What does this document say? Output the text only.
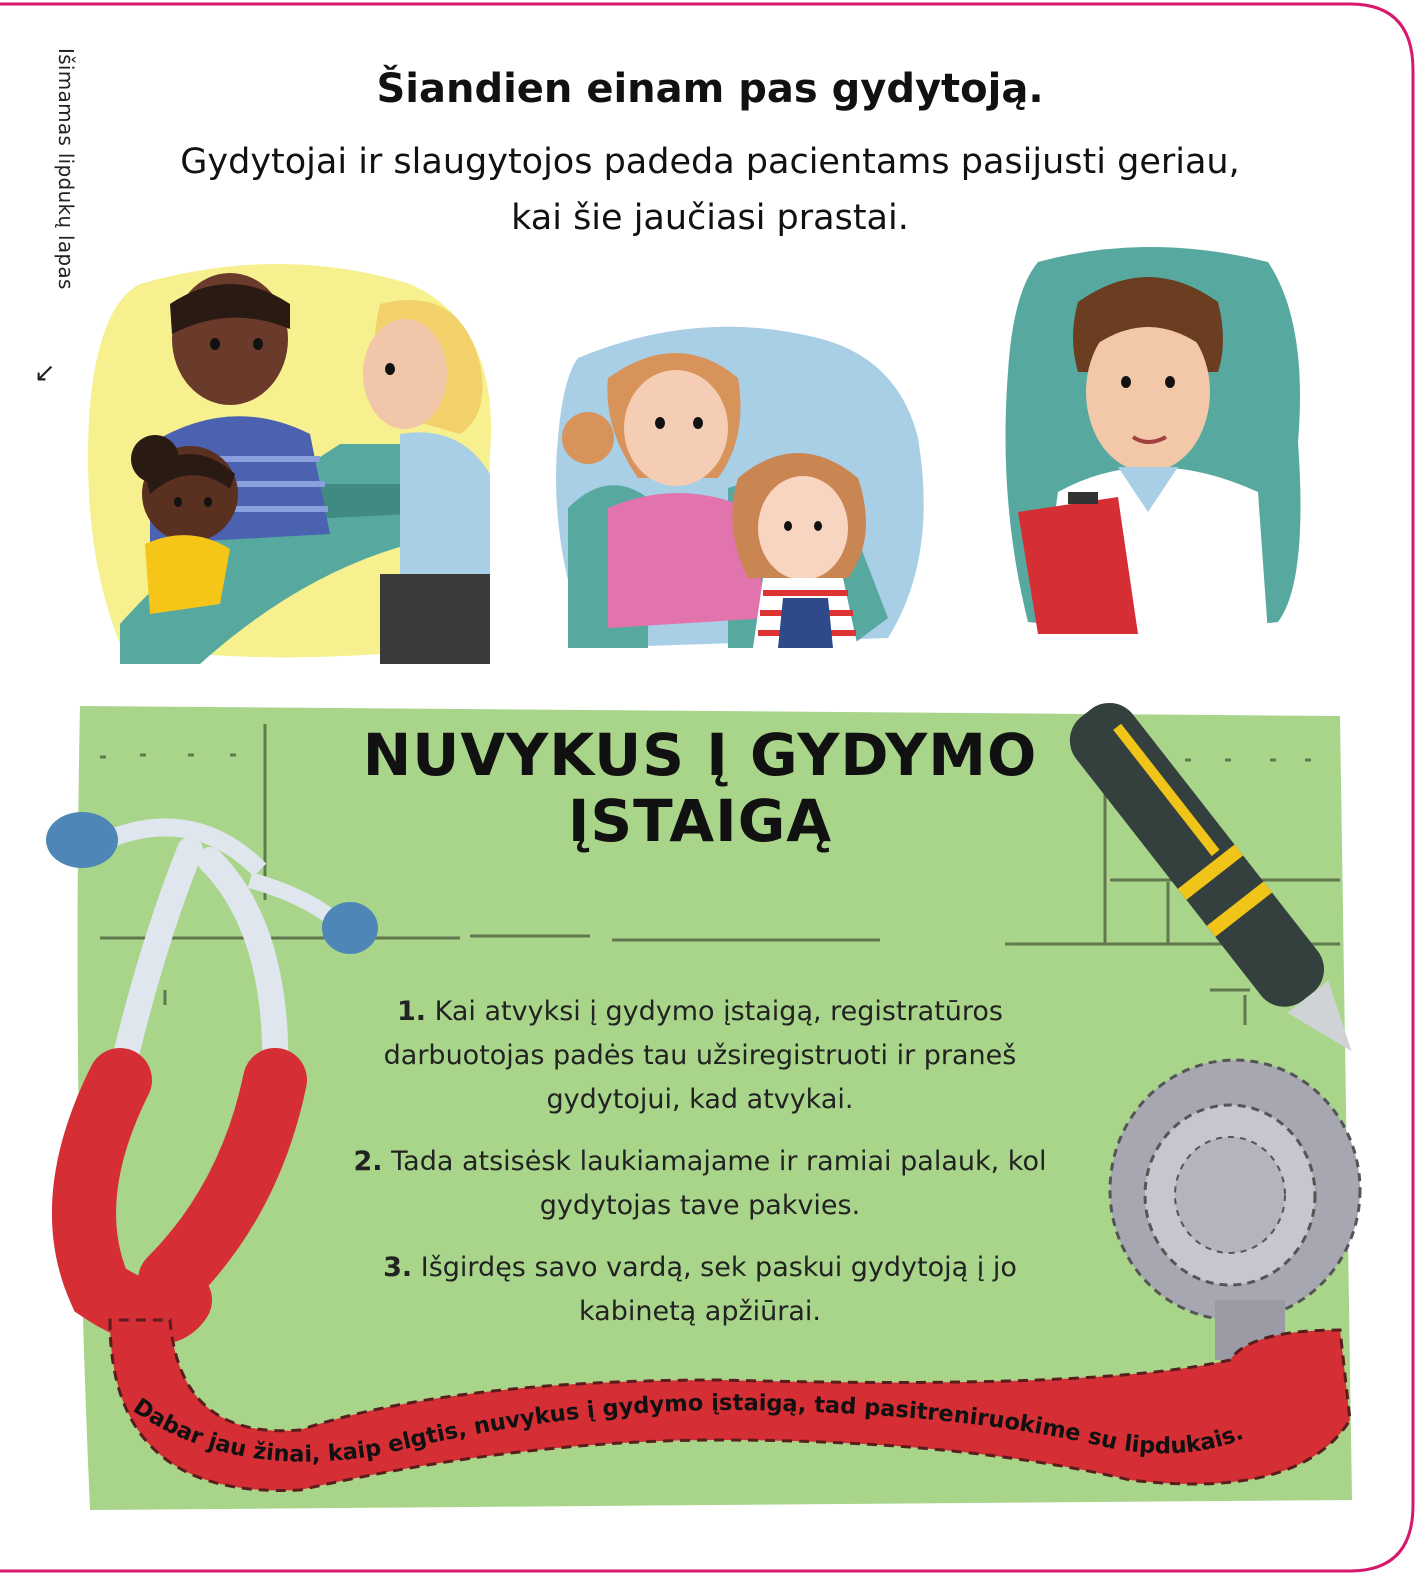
Išimamas lipdukų lapas
↙
Šiandien einam pas gydytoją.

Gydytojai ir slaugytojos padeda pacientams pasijusti geriau, kai šie jaučiasi prastai.

NUVYKUS Į GYDYMO ĮSTAIGĄ

1. Kai atvyksi į gydymo įstaigą, registratūros darbuotojas padės tau užsiregistruoti ir praneš gydytojui, kad atvykai.

2. Tada atsisėsk laukiamajame ir ramiai palauk, kol gydytojas tave pakvies.

3. Išgirdęs savo vardą, sek paskui gydytoją į jo kabinetą apžiūrai.

Dabar jau žinai, kaip elgtis, nuvykus į gydymo įstaigą, tad pasitreniruokime su lipdukais.
